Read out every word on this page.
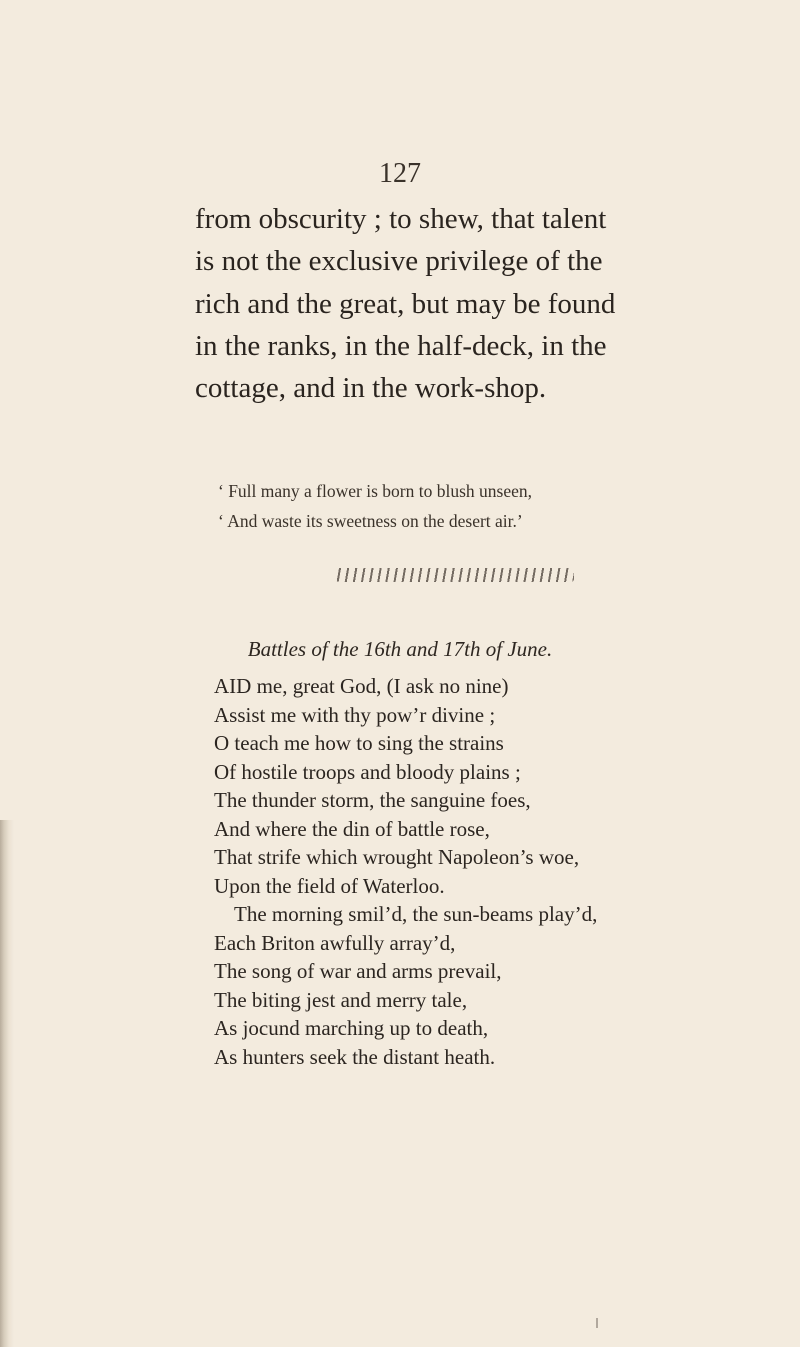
127

from obscurity ; to shew, that talent
is not the exclusive privilege of the
rich and the great, but may be found
in the ranks, in the half-deck, in the
cottage, and in the work-shop.

‘ Full many a flower is born to blush unseen,
‘ And waste its sweetness on the desert air.’
Battles of the 16th and 17th of June.
AID me, great God, (I ask no nine)
Assist me with thy pow’r divine ;
O teach me how to sing the strains
Of hostile troops and bloody plains ;
The thunder storm, the sanguine foes,
And where the din of battle rose,
That strife which wrought Napoleon’s woe,
Upon the field of Waterloo.
The morning smil’d, the sun-beams play’d,
Each Briton awfully array’d,
The song of war and arms prevail,
The biting jest and merry tale,
As jocund marching up to death,
As hunters seek the distant heath.
